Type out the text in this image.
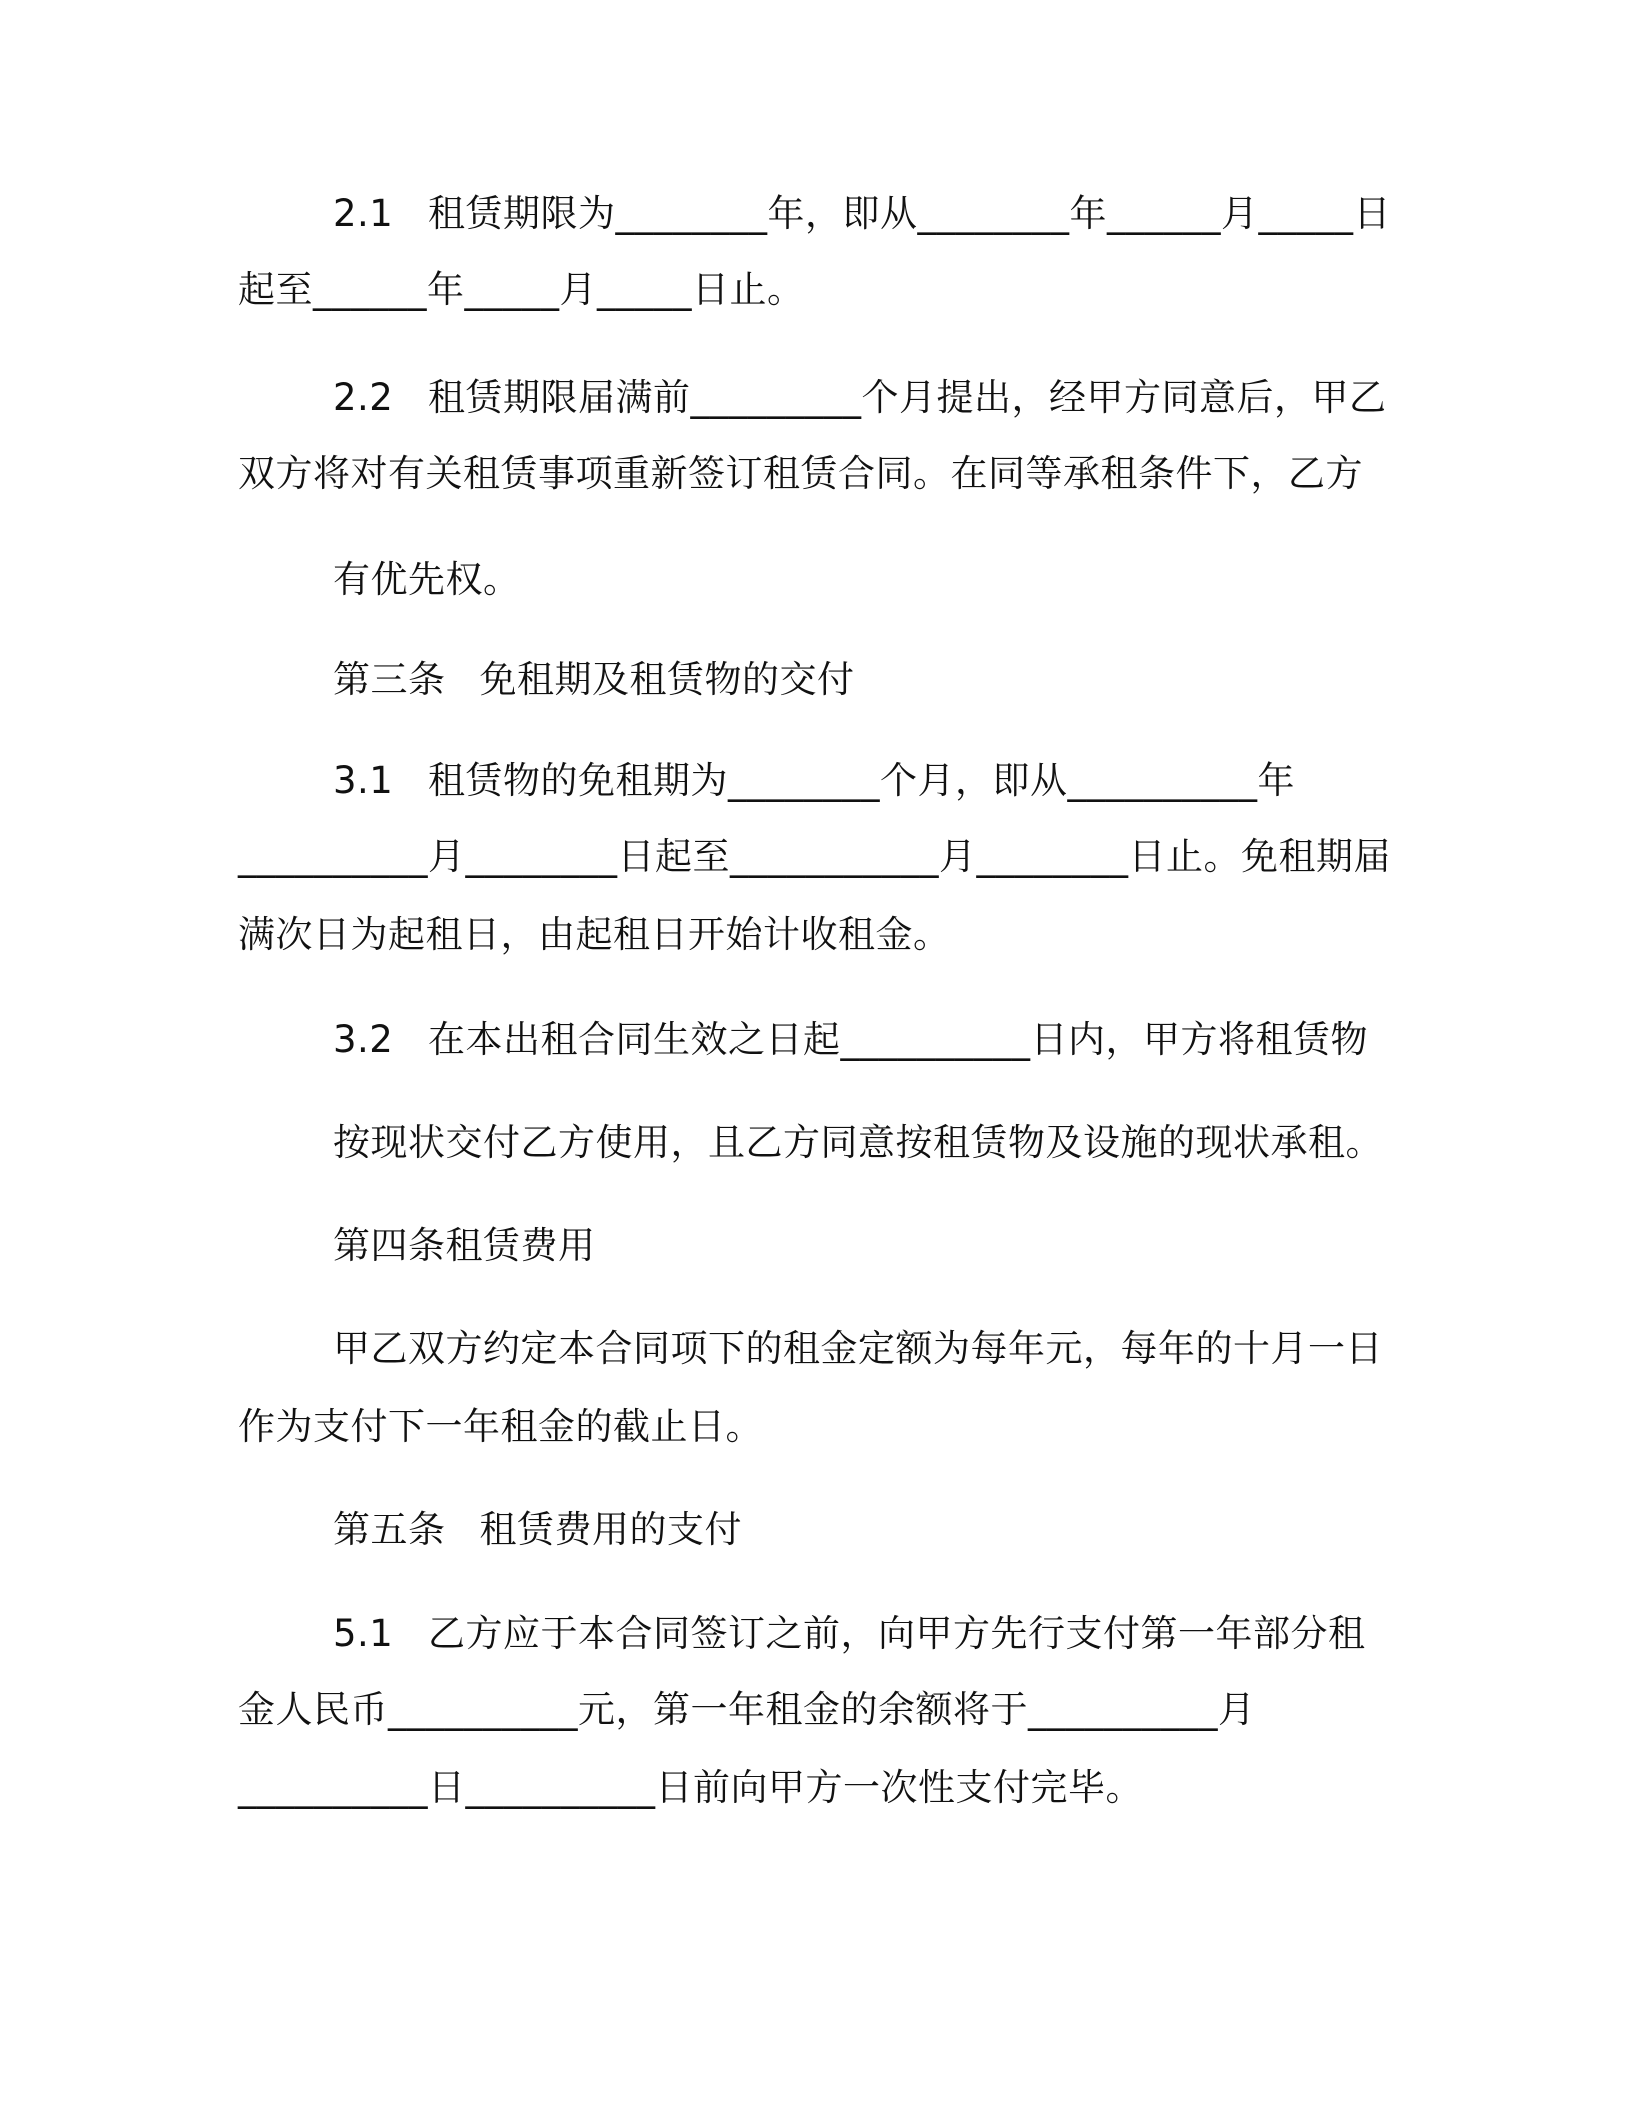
2.1 租赁期限为________年，即从________年______月_____日

起至______年_____月_____日止。

2.2 租赁期限届满前_________个月提出，经甲方同意后，甲乙

双方将对有关租赁事项重新签订租赁合同。在同等承租条件下，乙方

有优先权。

第三条 免租期及租赁物的交付

3.1 租赁物的免租期为________个月，即从__________年

__________月________日起至___________月________日止。免租期届

满次日为起租日，由起租日开始计收租金。

3.2 在本出租合同生效之日起__________日内，甲方将租赁物

按现状交付乙方使用，且乙方同意按租赁物及设施的现状承租。

第四条租赁费用

甲乙双方约定本合同项下的租金定额为每年元，每年的十月一日

作为支付下一年租金的截止日。

第五条 租赁费用的支付

5.1 乙方应于本合同签订之前，向甲方先行支付第一年部分租

金人民币__________元，第一年租金的余额将于__________月

__________日__________日前向甲方一次性支付完毕。
